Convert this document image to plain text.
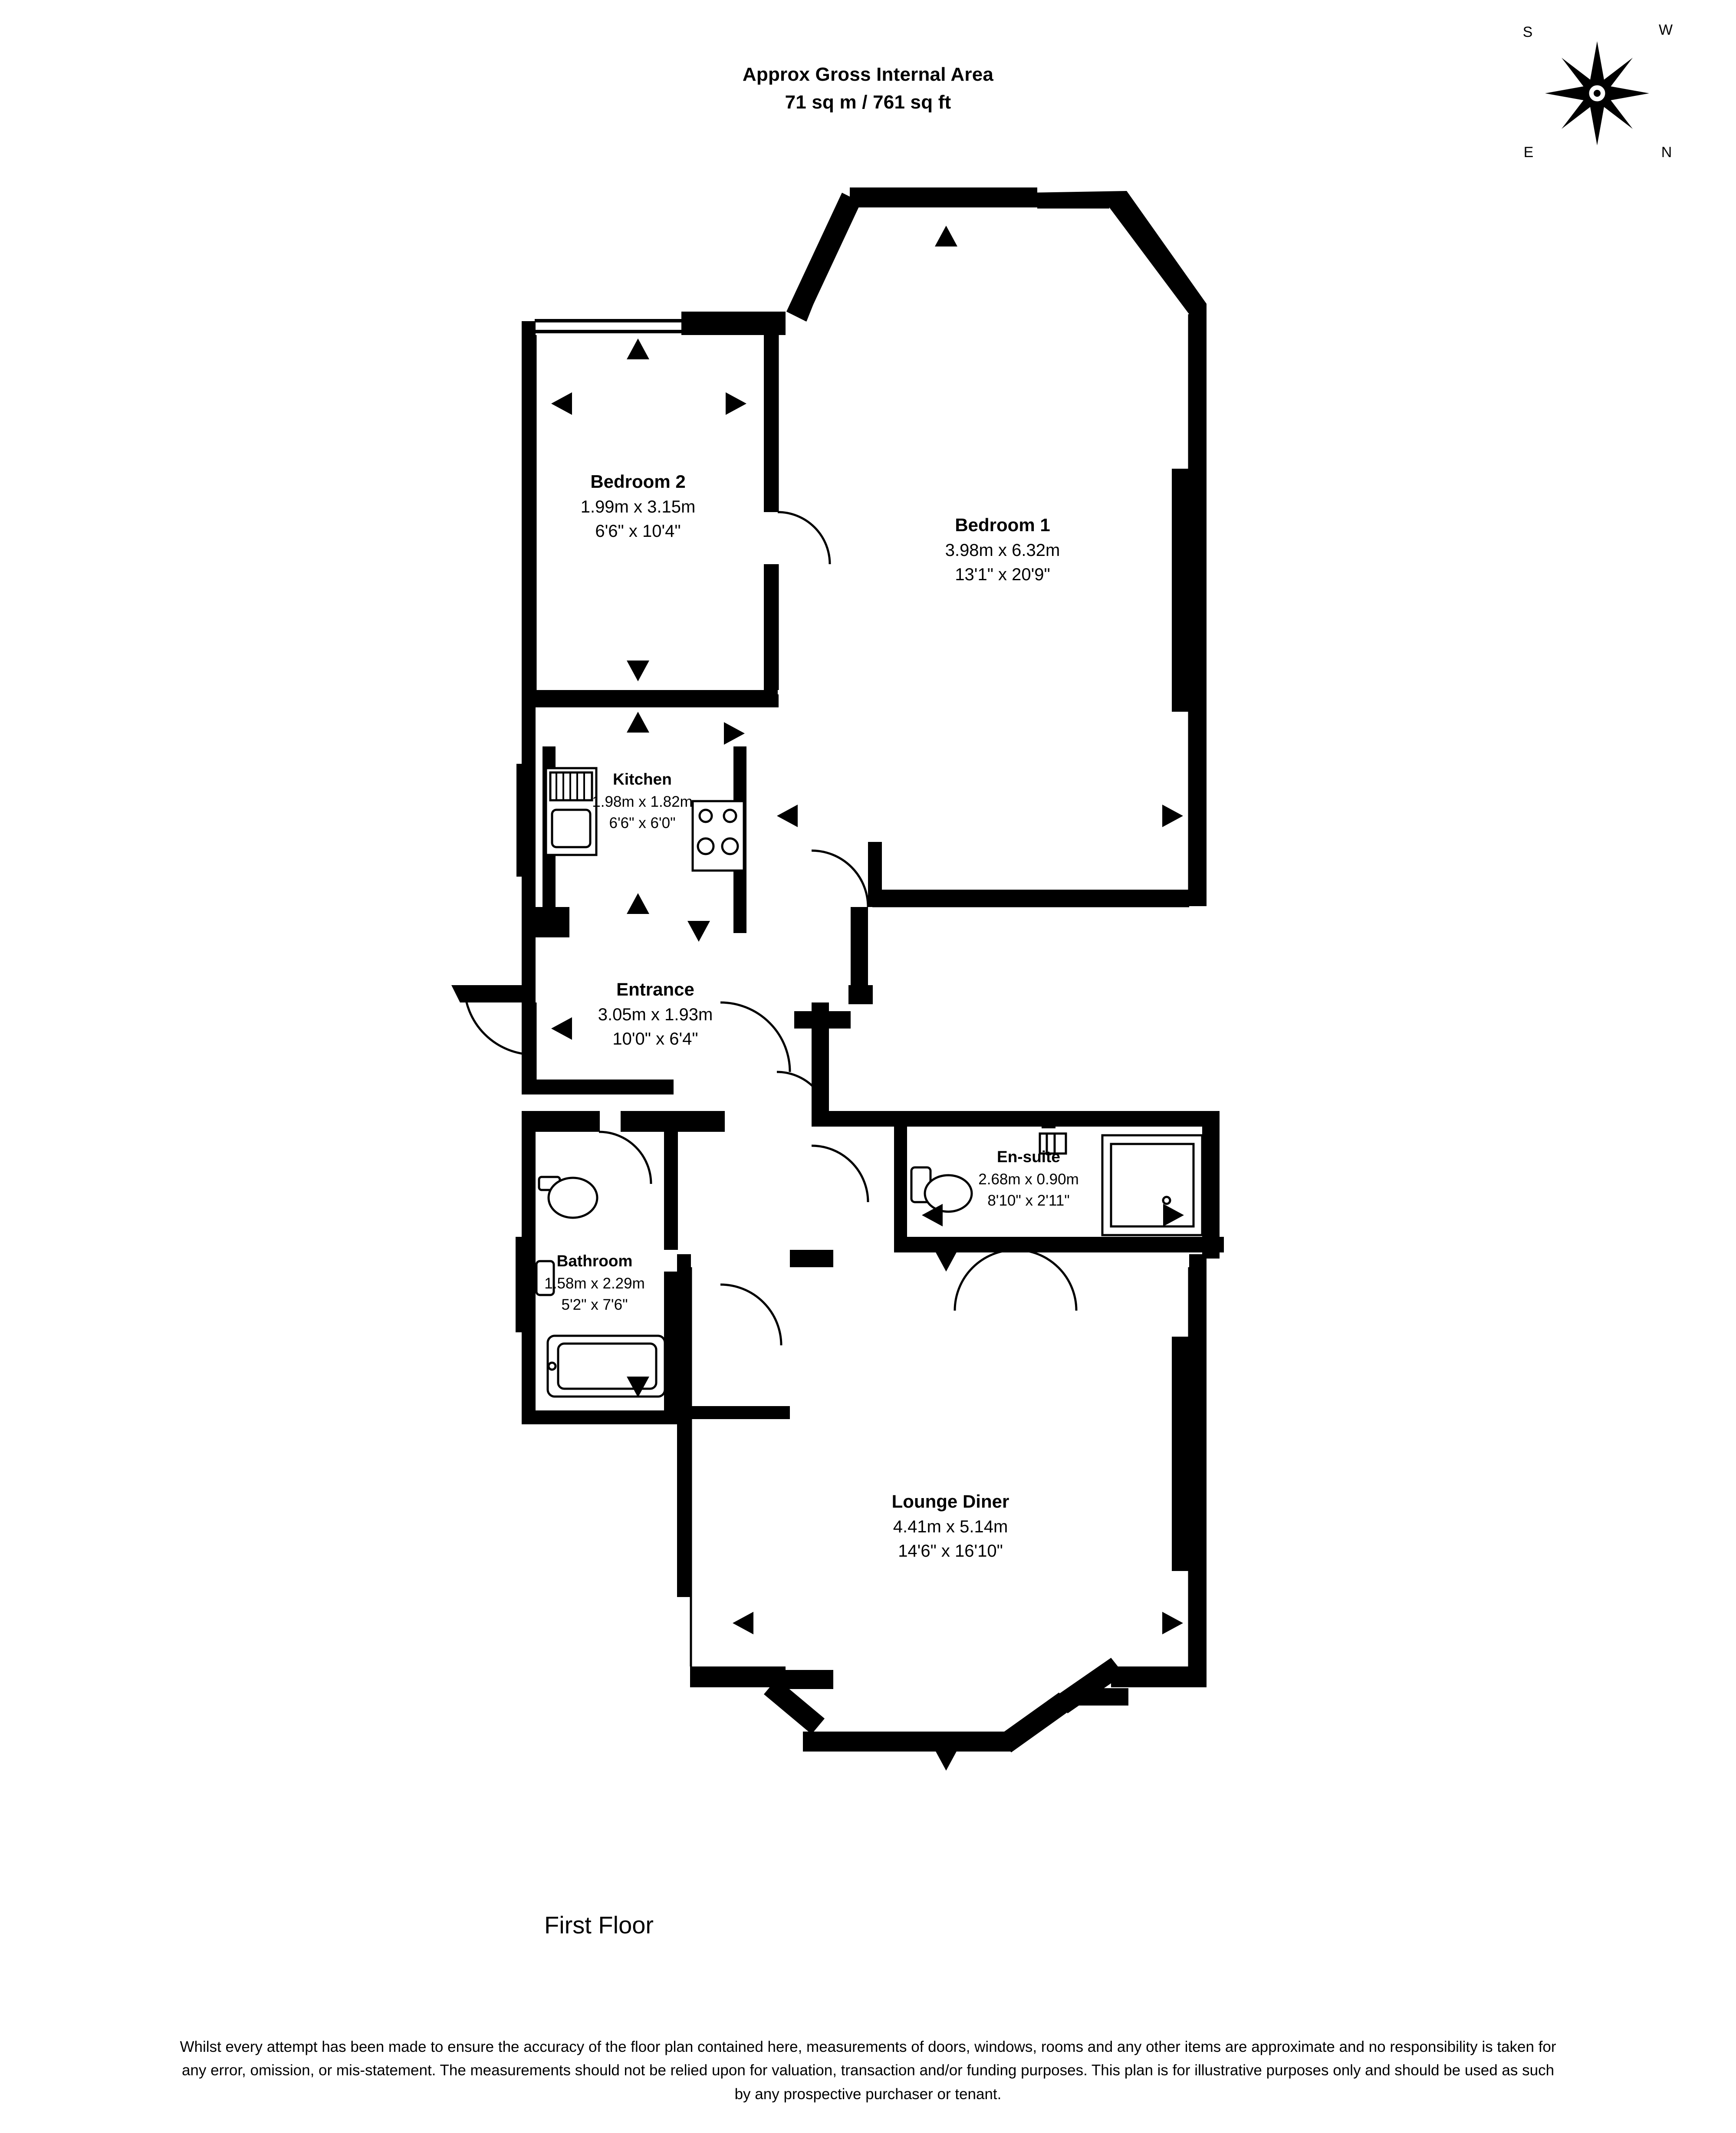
Approx Gross Internal Area
71 sq m / 761 sq ft
S	W
E	N
Bedroom 2
1.99m x 3.15m
6'6" x 10'4"	Bedroom 1
3.98m x 6.32m
13'1" x 20'9"
Kitchen
1.98m x 1.82m
6'6" x 6'0"
Entrance
3.05m x 1.93m
10'0" x 6'4"
En-suite
2.68m x 0.90m
8'10" x 2'11"
Bathroom
1.58m x 2.29m
5'2" x 7'6"
Lounge Diner
4.41m x 5.14m
14'6" x 16'10"
First Floor
Whilst every attempt has been made to ensure the accuracy of the floor plan contained here, measurements of doors, windows, rooms and any other items are approximate and no responsibility is taken for any error, omission, or mis-statement. The measurements should not be relied upon for valuation, transaction and/or funding purposes. This plan is for illustrative purposes only and should be used as such by any prospective purchaser or tenant.
